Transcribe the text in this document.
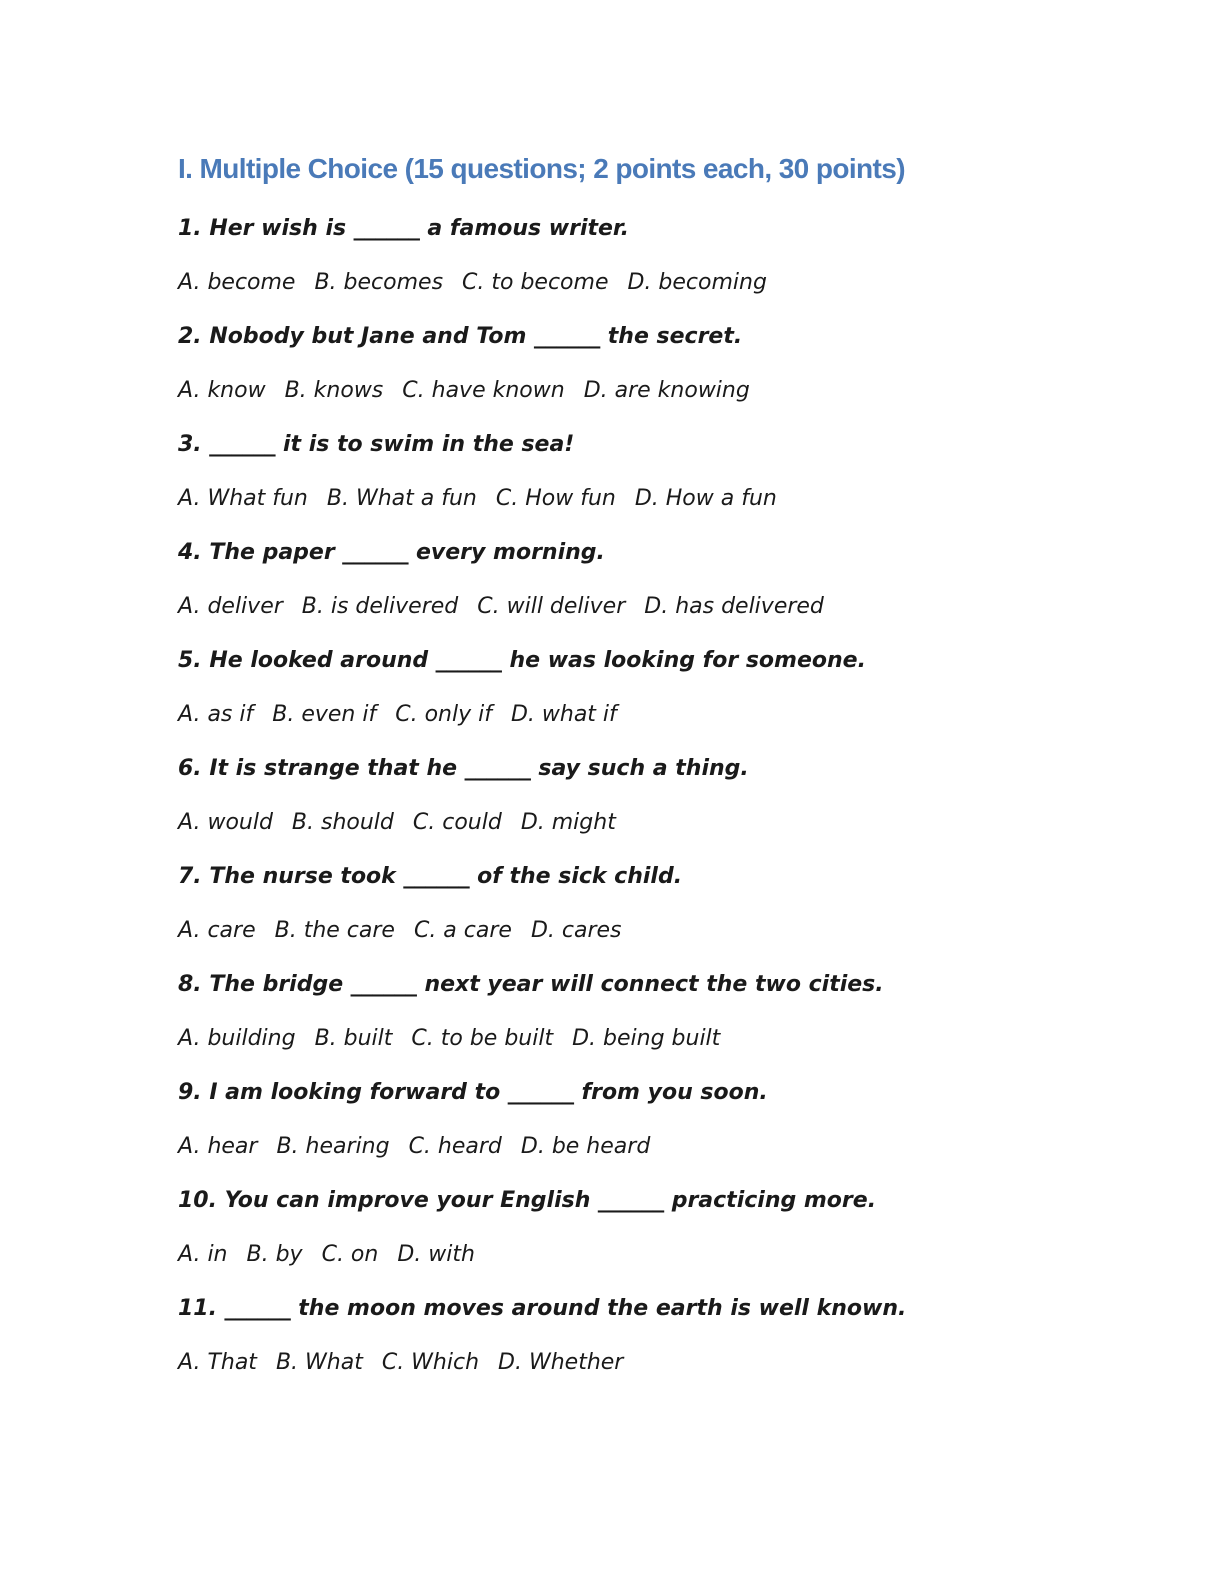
I. Multiple Choice (15 questions; 2 points each, 30 points)
1. Her wish is ______ a famous writer.
A. become B. becomes C. to become D. becoming
2. Nobody but Jane and Tom ______ the secret.
A. know B. knows C. have known D. are knowing
3. ______ it is to swim in the sea!
A. What fun B. What a fun C. How fun D. How a fun
4. The paper ______ every morning.
A. deliver B. is delivered C. will deliver D. has delivered
5. He looked around ______ he was looking for someone.
A. as if B. even if C. only if D. what if
6. It is strange that he ______ say such a thing.
A. would B. should C. could D. might
7. The nurse took ______ of the sick child.
A. care B. the care C. a care D. cares
8. The bridge ______ next year will connect the two cities.
A. building B. built C. to be built D. being built
9. I am looking forward to ______ from you soon.
A. hear B. hearing C. heard D. be heard
10. You can improve your English ______ practicing more.
A. in B. by C. on D. with
11. ______ the moon moves around the earth is well known.
A. That B. What C. Which D. Whether
